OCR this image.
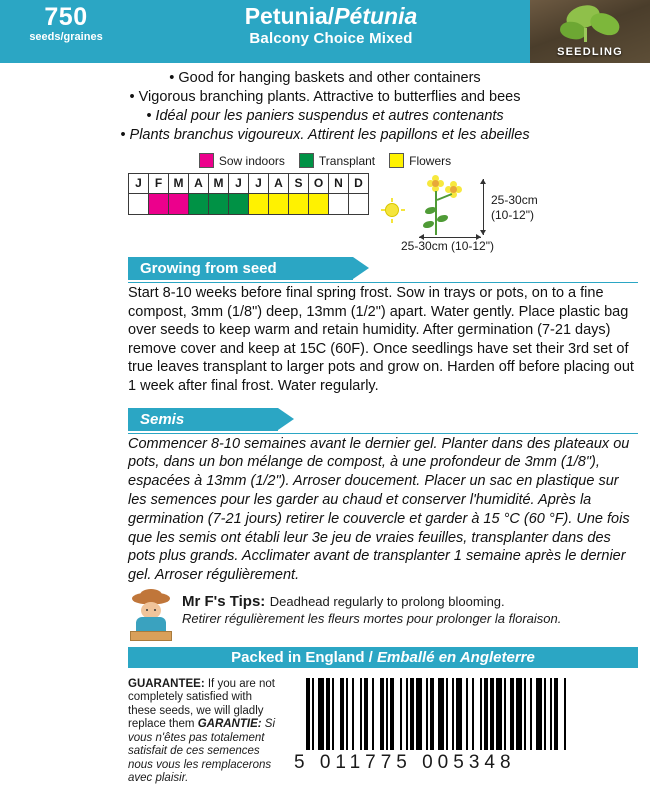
750
seeds/graines
Petunia/Pétunia
Balcony Choice Mixed
SEEDLING
• Good for hanging baskets and other containers
• Vigorous branching plants. Attractive to butterflies and bees
• Idéal pour les paniers suspendus et autres contenants
• Plants branchus vigoureux. Attirent les papillons et les abeilles
Sow indoors	Transplant	Flowers
J	F	M	A	M	J	J	A	S	O	N	D

25-30cm
(10-12")
25-30cm (10-12")
Growing from seed
Start 8-10 weeks before final spring frost. Sow in trays or pots, on to a fine compost, 3mm (1/8") deep, 13mm (1/2") apart. Water gently. Place plastic bag over seeds to keep warm and retain humidity. After germination (7-21 days) remove cover and keep at 15C (60F). Once seedlings have set their 3rd set of true leaves transplant to larger pots and grow on. Harden off before placing out 1 week after final frost. Water regularly.
Semis
Commencer 8-10 semaines avant le dernier gel. Planter dans des plateaux ou pots, dans un bon mélange de compost, à une profondeur de 3mm (1/8"), espacées à 13mm (1/2"). Arroser doucement. Placer un sac en plastique sur les semences pour les garder au chaud et conserver l'humidité. Après la germination (7-21 jours) retirer le couvercle et garder à 15 °C (60 °F). Une fois que les semis ont établi leur 3e jeu de vraies feuilles, transplanter dans des pots plus grands. Acclimater avant de transplanter 1 semaine après le dernier gel. Arroser régulièrement.
Mr F's Tips: Deadhead regularly to prolong blooming.
Retirer régulièrement les fleurs mortes pour prolonger la floraison.
Packed in England / Emballé en Angleterre
GUARANTEE: If you are not completely satisfied with these seeds, we will gladly replace them GARANTIE: Si vous n'êtes pas totalement satisfait de ces semences nous vous les remplacerons avec plaisir.
5 011775 005348
